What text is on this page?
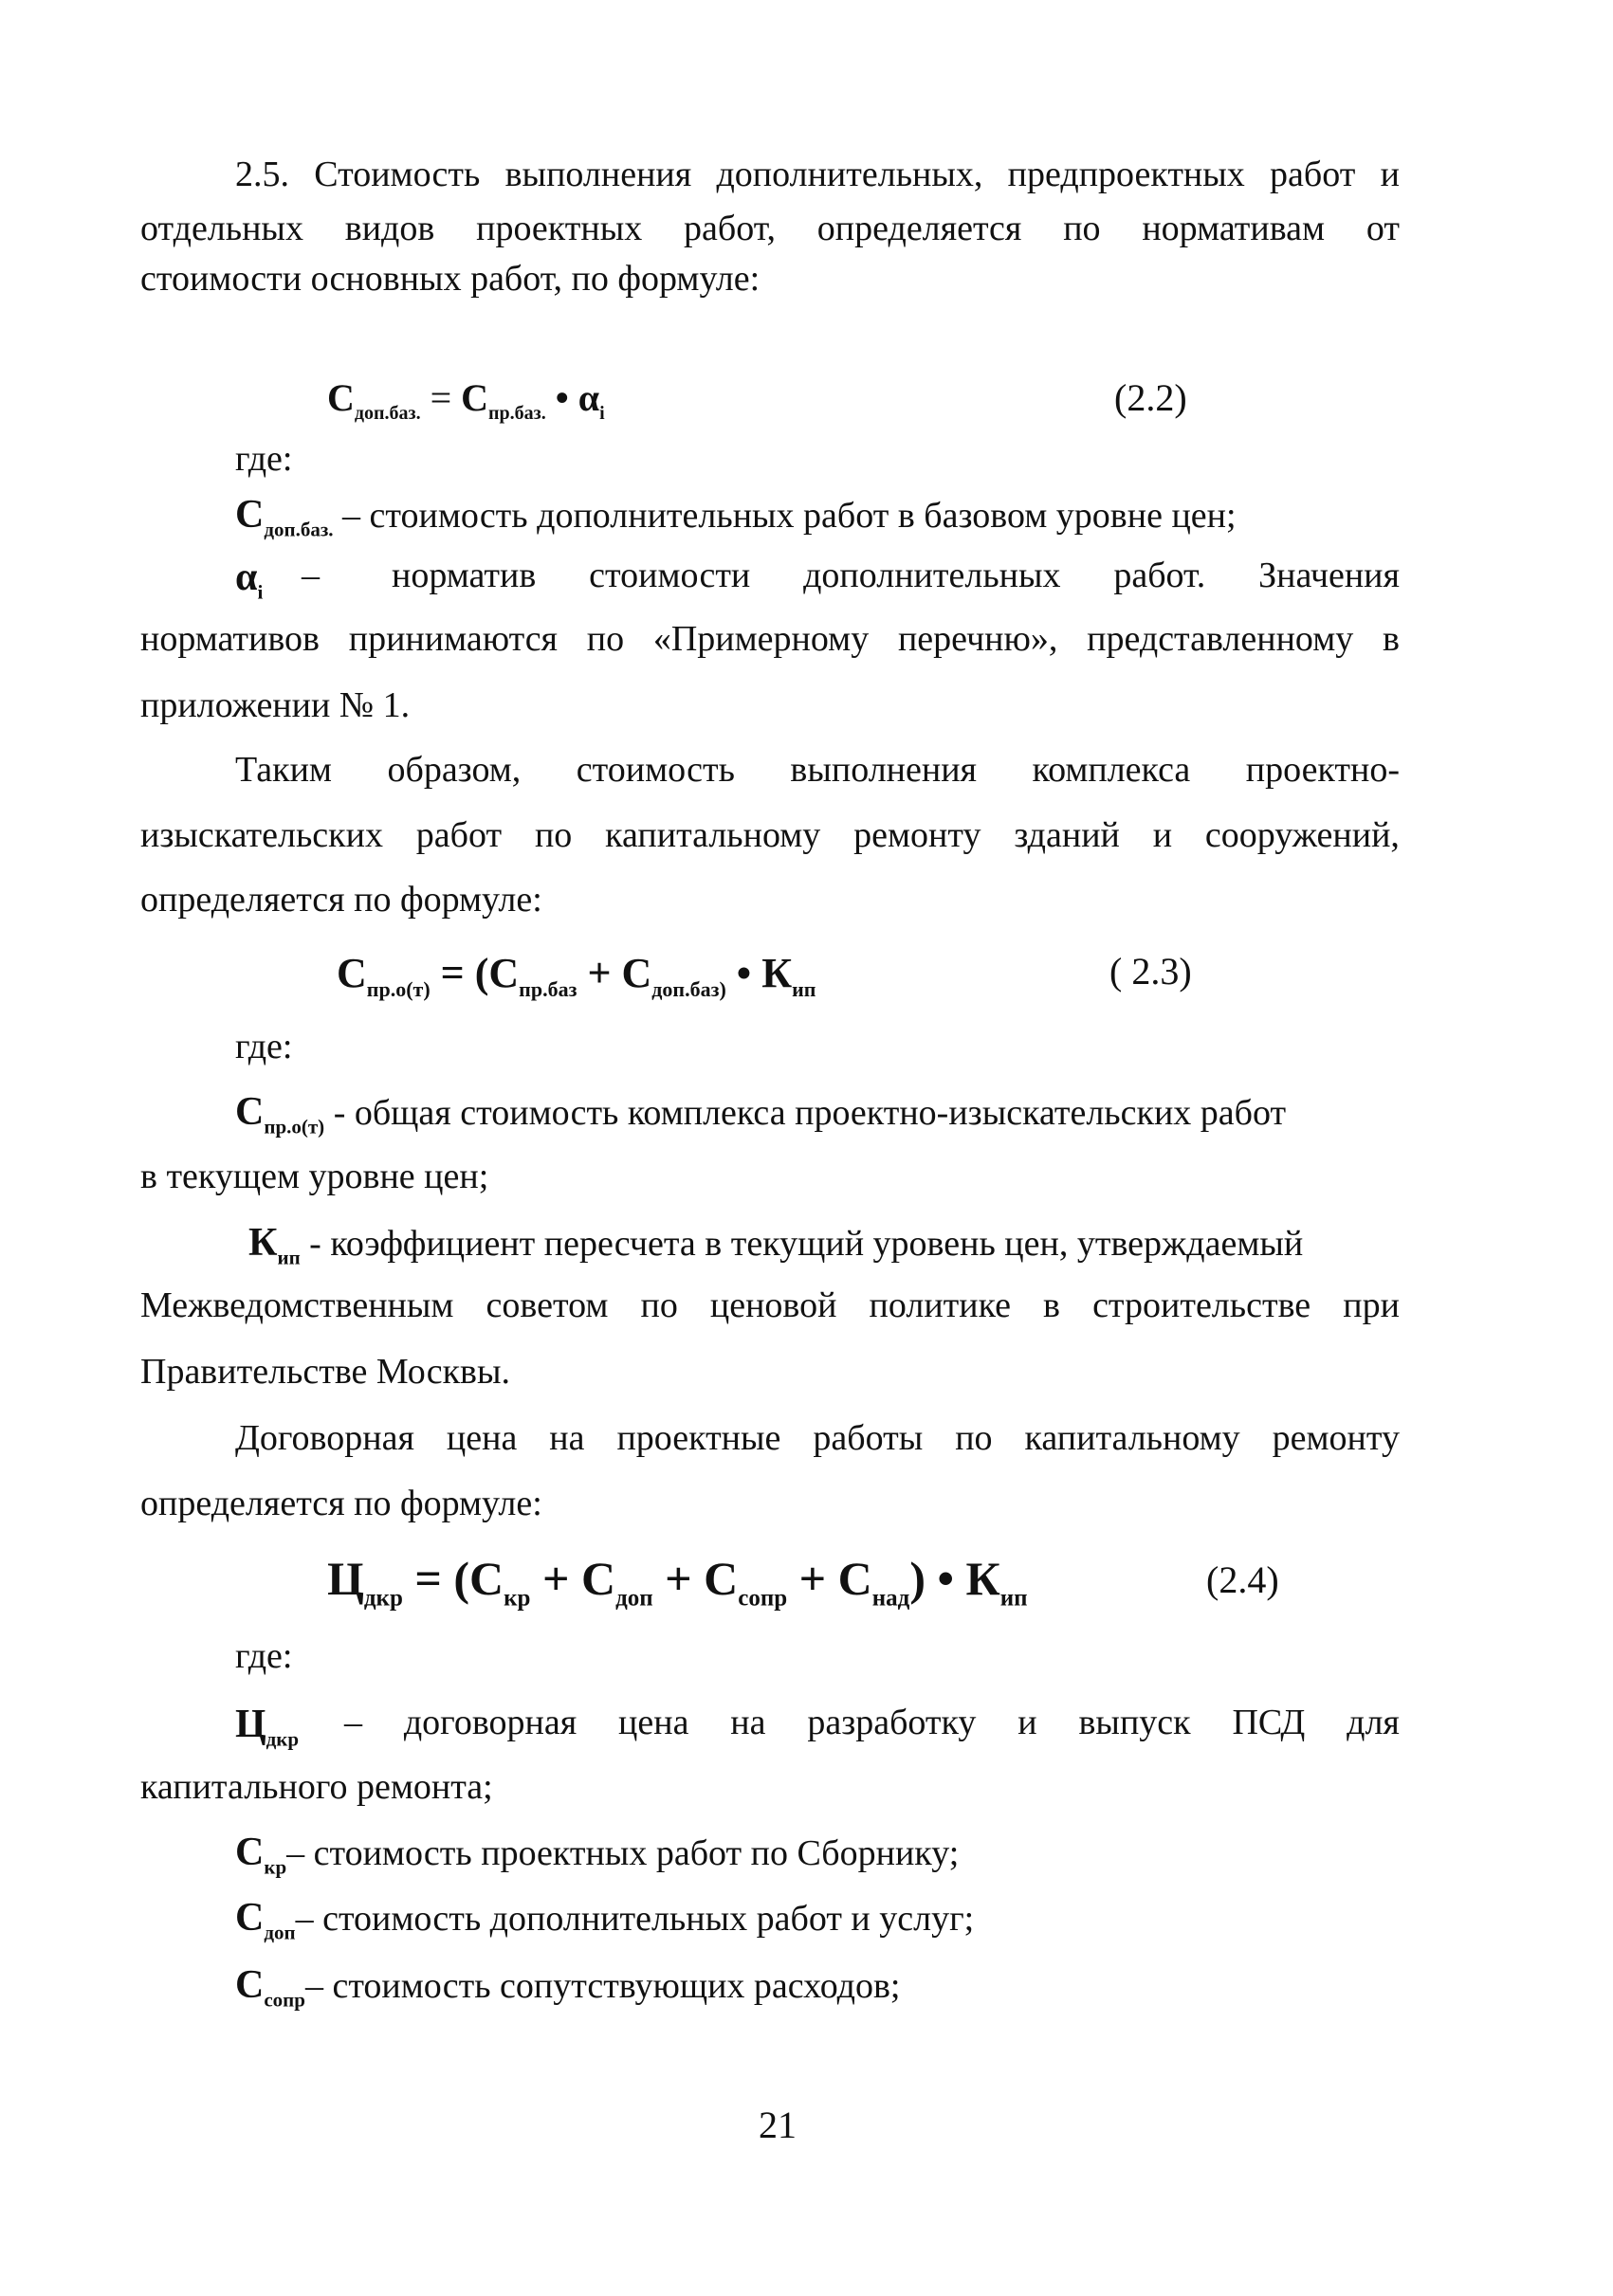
2.5. Стоимость выполнения дополнительных, предпроектных работ и
отдельных видов проектных работ, определяется по нормативам от
стоимости основных работ, по формуле:
$С_{доп.баз.} = С_{пр.баз.}$ • $\alpha_i$	(2.2)
где:
$С_{доп.баз.}$ – стоимость дополнительных работ в базовом уровне цен;
$\alpha_i$ – норматив стоимости дополнительных работ. Значения
нормативов принимаются по «Примерному перечню», представленному в
приложении № 1.
Таким образом, стоимость выполнения комплекса проектно-
изыскательских работ по капитальному ремонту зданий и сооружений,
определяется по формуле:
$С_{пр.о(т)} = (С_{пр.баз} + С_{доп.баз)}$ • $К_{ип}$	( 2.3)
где:
$С_{пр.о(т)}$ - общая стоимость комплекса проектно-изыскательских работ
в текущем уровне цен;
$К_{ип}$ - коэффициент пересчета в текущий уровень цен, утверждаемый
Межведомственным советом по ценовой политике в строительстве при
Правительстве Москвы.
Договорная цена на проектные работы по капитальному ремонту
определяется по формуле:
$Ц_{дкр} = (С_{кр} + С_{доп} + С_{сопр} + С_{над})$ • $К_{ип}$	(2.4)
где:
$Ц_{дкр}$ – договорная цена на разработку и выпуск ПСД для
капитального ремонта;
$С_{кр}-$ стоимость проектных работ по Сборнику;
$С_{доп}-$ стоимость дополнительных работ и услуг;
$С_{сопр}-$ стоимость сопутствующих расходов;
21
